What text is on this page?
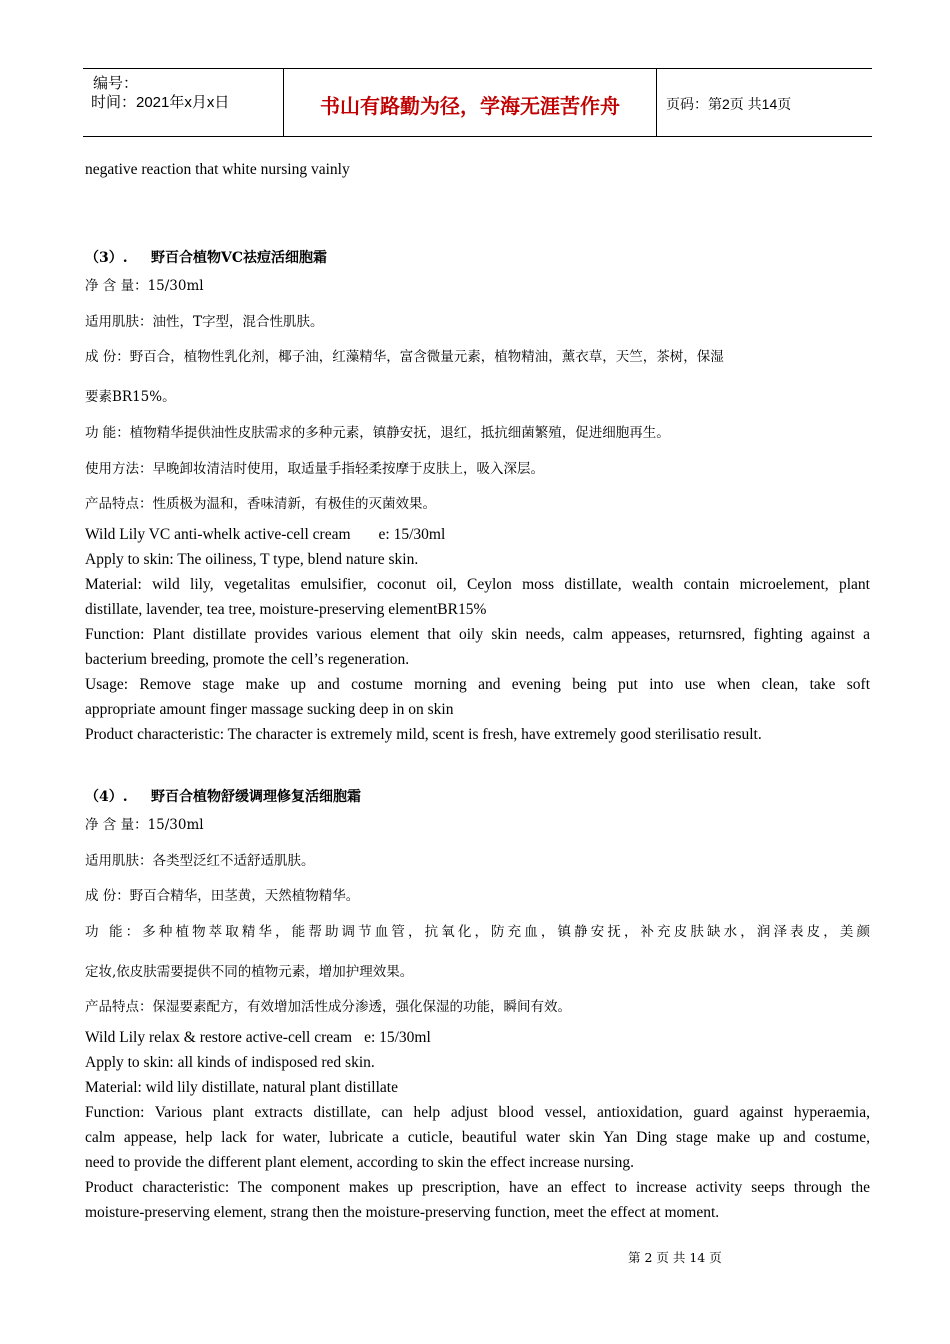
编号：
时间：2021年x月x日	书山有路勤为径，学海无涯苦作舟	页码：第2页 共14页
negative reaction that white nursing vainly
（3）. 野百合植物VC祛痘活细胞霜
净 含 量：15/30ml
适用肌肤：油性，T字型，混合性肌肤。
成 份：野百合，植物性乳化剂，椰子油，红藻精华，富含微量元素，植物精油，薰衣草，天竺，茶树，保湿
要素BR15%。
功 能：植物精华提供油性皮肤需求的多种元素，镇静安抚，退红，抵抗细菌繁殖，促进细胞再生。
使用方法：早晚卸妆清洁时使用，取适量手指轻柔按摩于皮肤上，吸入深层。
产品特点：性质极为温和，香味清新，有极佳的灭菌效果。
Wild Lily VC anti-whelk active-cell cream e: 15/30ml
Apply to skin: The oiliness, T type, blend nature skin.
Material: wild lily, vegetalitas emulsifier, coconut oil, Ceylon moss distillate, wealth contain microelement, plant
distillate, lavender, tea tree, moisture-preserving elementBR15%
Function: Plant distillate provides various element that oily skin needs, calm appeases, returnsred, fighting against a
bacterium breeding, promote the cell’s regeneration.
Usage: Remove stage make up and costume morning and evening being put into use when clean, take soft
appropriate amount finger massage sucking deep in on skin
Product characteristic: The character is extremely mild, scent is fresh, have extremely good sterilisatio result.
（4）. 野百合植物舒缓调理修复活细胞霜
净 含 量：15/30ml
适用肌肤：各类型泛红不适舒适肌肤。
成 份：野百合精华，田茎黄，天然植物精华。
功 能：多种植物萃取精华，能帮助调节血管，抗氧化，防充血，镇静安抚，补充皮肤缺水，润泽表皮，美颜
定妆,依皮肤需要提供不同的植物元素，增加护理效果。
产品特点：保湿要素配方，有效增加活性成分渗透，强化保湿的功能，瞬间有效。
Wild Lily relax & restore active-cell cream e: 15/30ml
Apply to skin: all kinds of indisposed red skin.
Material: wild lily distillate, natural plant distillate
Function: Various plant extracts distillate, can help adjust blood vessel, antioxidation, guard against hyperaemia,
calm appease, help lack for water, lubricate a cuticle, beautiful water skin Yan Ding stage make up and costume,
need to provide the different plant element, according to skin the effect increase nursing.
Product characteristic: The component makes up prescription, have an effect to increase activity seeps through the
moisture-preserving element, strang then the moisture-preserving function, meet the effect at moment.
第 2 页 共 14 页
